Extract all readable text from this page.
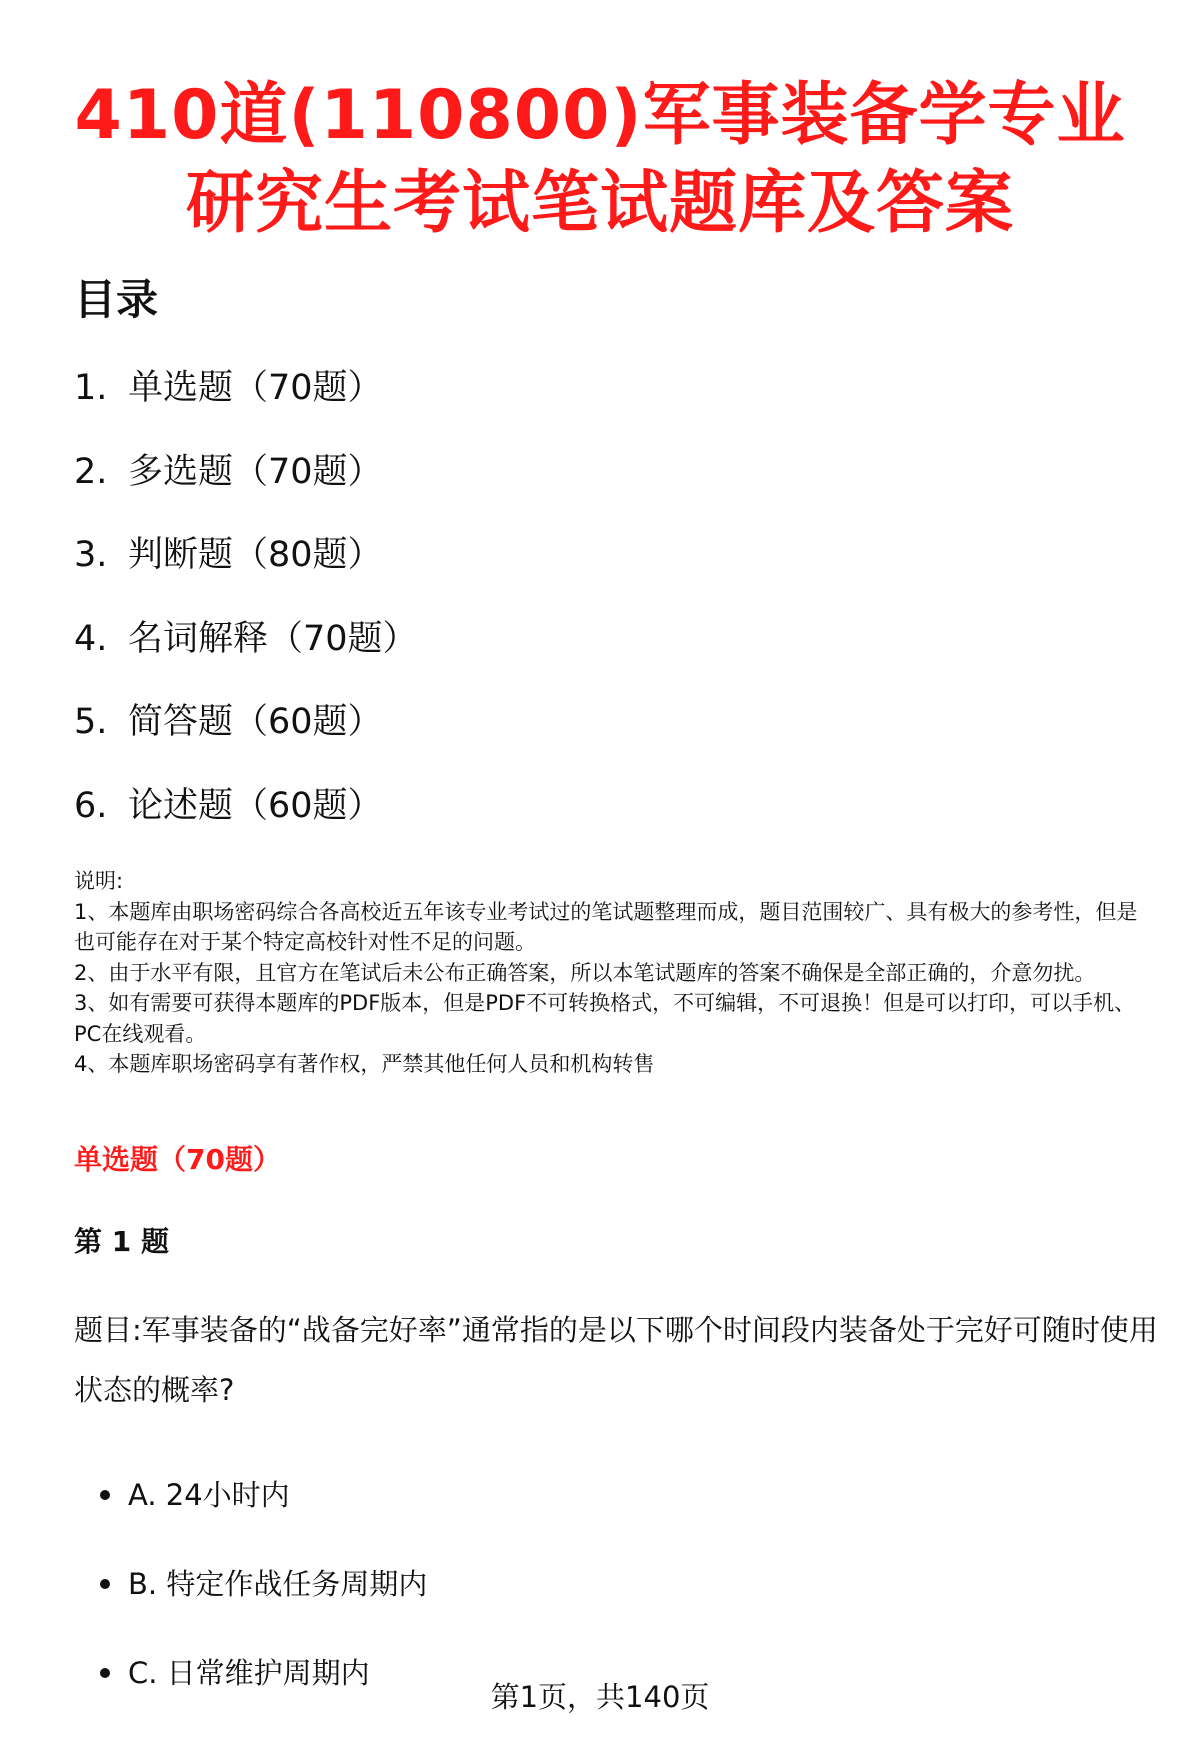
410道(110800)军事装备学专业研究生考试笔试题库及答案
目录
1. 单选题（70题）
2. 多选题（70题）
3. 判断题（80题）
4. 名词解释（70题）
5. 简答题（60题）
6. 论述题（60题）

说明:

1、本题库由职场密码综合各高校近五年该专业考试过的笔试题整理而成，题目范围较广、具有极大的参考性，但是也可能存在对于某个特定高校针对性不足的问题。

2、由于水平有限，且官方在笔试后未公布正确答案，所以本笔试题库的答案不确保是全部正确的，介意勿扰。

3、如有需要可获得本题库的PDF版本，但是PDF不可转换格式，不可编辑，不可退换！但是可以打印，可以手机、PC在线观看。

4、本题库职场密码享有著作权，严禁其他任何人员和机构转售

单选题（70题）
第 1 题
题目:军事装备的“战备完好率”通常指的是以下哪个时间段内装备处于完好可随时使用状态的概率?
A. 24小时内
B. 特定作战任务周期内
C. 日常维护周期内
第1页，共140页
